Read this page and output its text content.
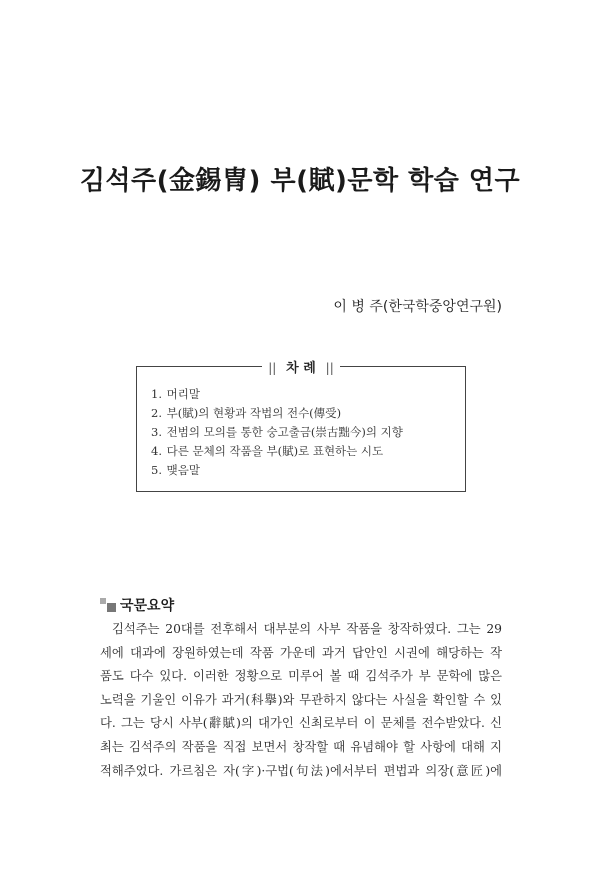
김석주(金錫冑) 부(賦)문학 학습 연구
이 병 주(한국학중앙연구원)
|| 차 례 ||
1. 머리말
2. 부(賦)의 현황과 작법의 전수(傳受)
3. 전범의 모의를 통한 숭고출금(崇古黜今)의 지향
4. 다른 문체의 작품을 부(賦)로 표현하는 시도
5. 맺음말
국문요약

김석주는 20대를 전후해서 대부분의 사부 작품을 창작하였다. 그는 29
세에 대과에 장원하였는데 작품 가운데 과거 답안인 시권에 해당하는 작
품도 다수 있다. 이러한 정황으로 미루어 볼 때 김석주가 부 문학에 많은
노력을 기울인 이유가 과거(科擧)와 무관하지 않다는 사실을 확인할 수 있
다. 그는 당시 사부(辭賦)의 대가인 신최로부터 이 문체를 전수받았다. 신
최는 김석주의 작품을 직접 보면서 창작할 때 유념해야 할 사항에 대해 지
적해주었다. 가르침은 자(字)·구법(句法)에서부터 편법과 의장(意匠)에
